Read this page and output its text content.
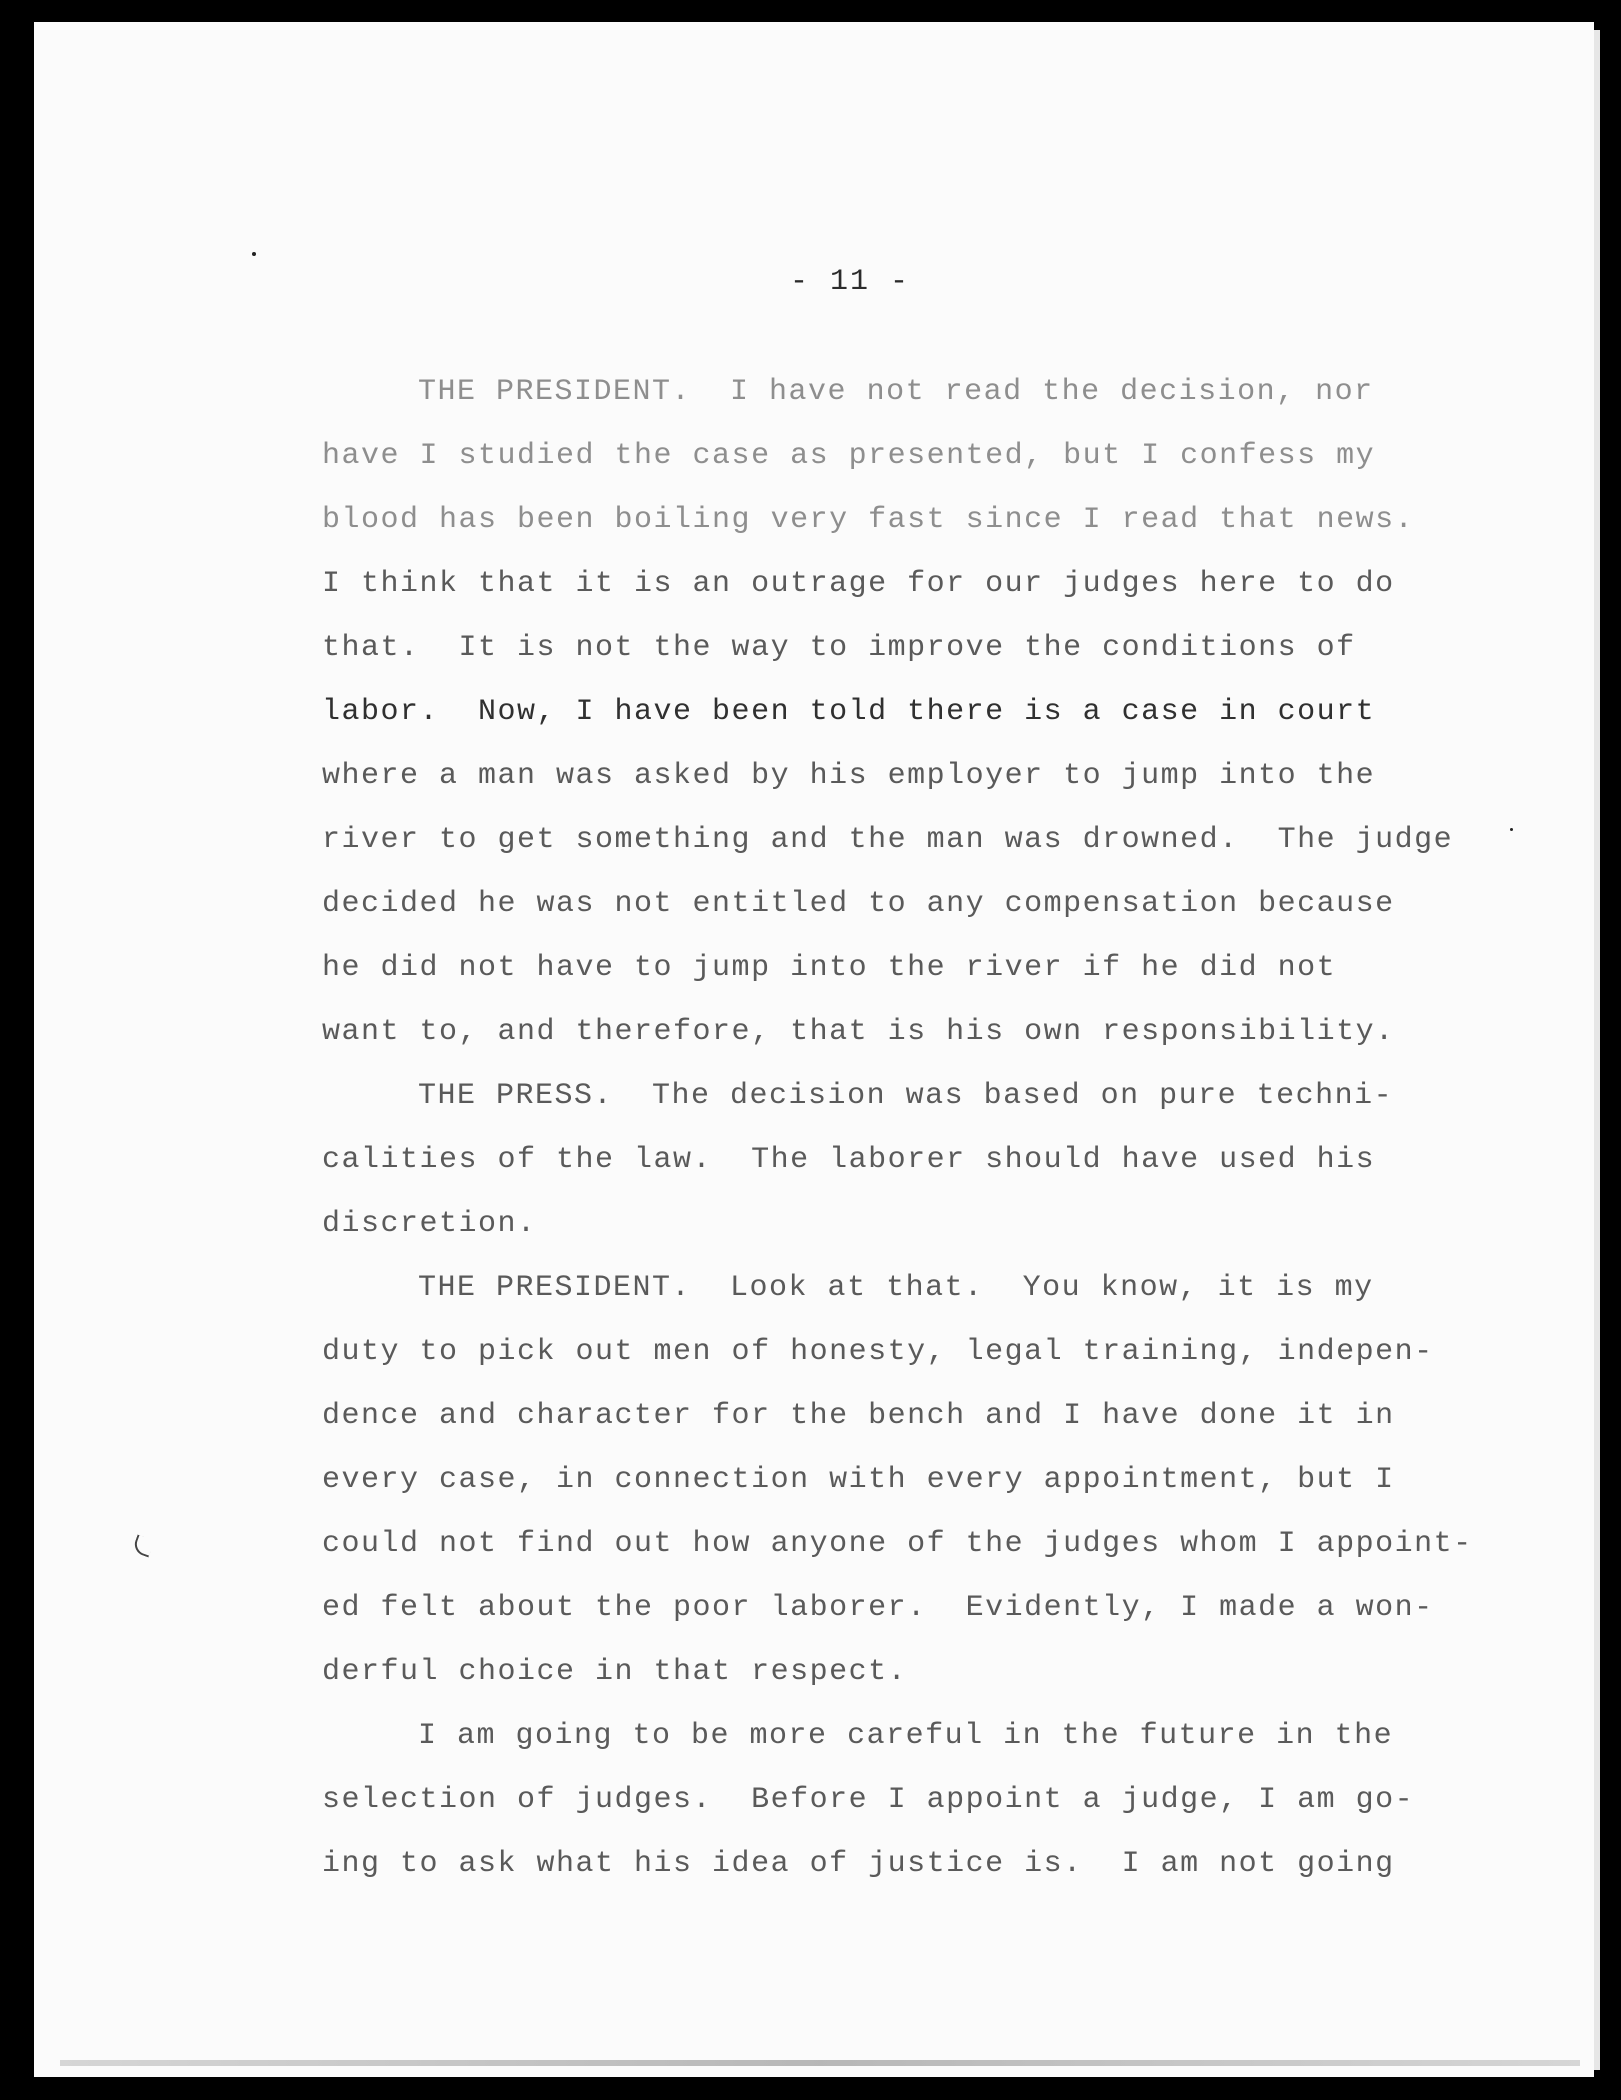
- 11 -
THE PRESIDENT.  I have not read the decision, nor
have I studied the case as presented, but I confess my
blood has been boiling very fast since I read that news.
I think that it is an outrage for our judges here to do
that.  It is not the way to improve the conditions of
labor.  Now, I have been told there is a case in court
where a man was asked by his employer to jump into the
river to get something and the man was drowned.  The judge
decided he was not entitled to any compensation because
he did not have to jump into the river if he did not
want to, and therefore, that is his own responsibility.
THE PRESS.  The decision was based on pure techni-
calities of the law.  The laborer should have used his
discretion.
THE PRESIDENT.  Look at that.  You know, it is my
duty to pick out men of honesty, legal training, indepen-
dence and character for the bench and I have done it in
every case, in connection with every appointment, but I
could not find out how anyone of the judges whom I appoint-
ed felt about the poor laborer.  Evidently, I made a won-
derful choice in that respect.
I am going to be more careful in the future in the
selection of judges.  Before I appoint a judge, I am go-
ing to ask what his idea of justice is.  I am not going
